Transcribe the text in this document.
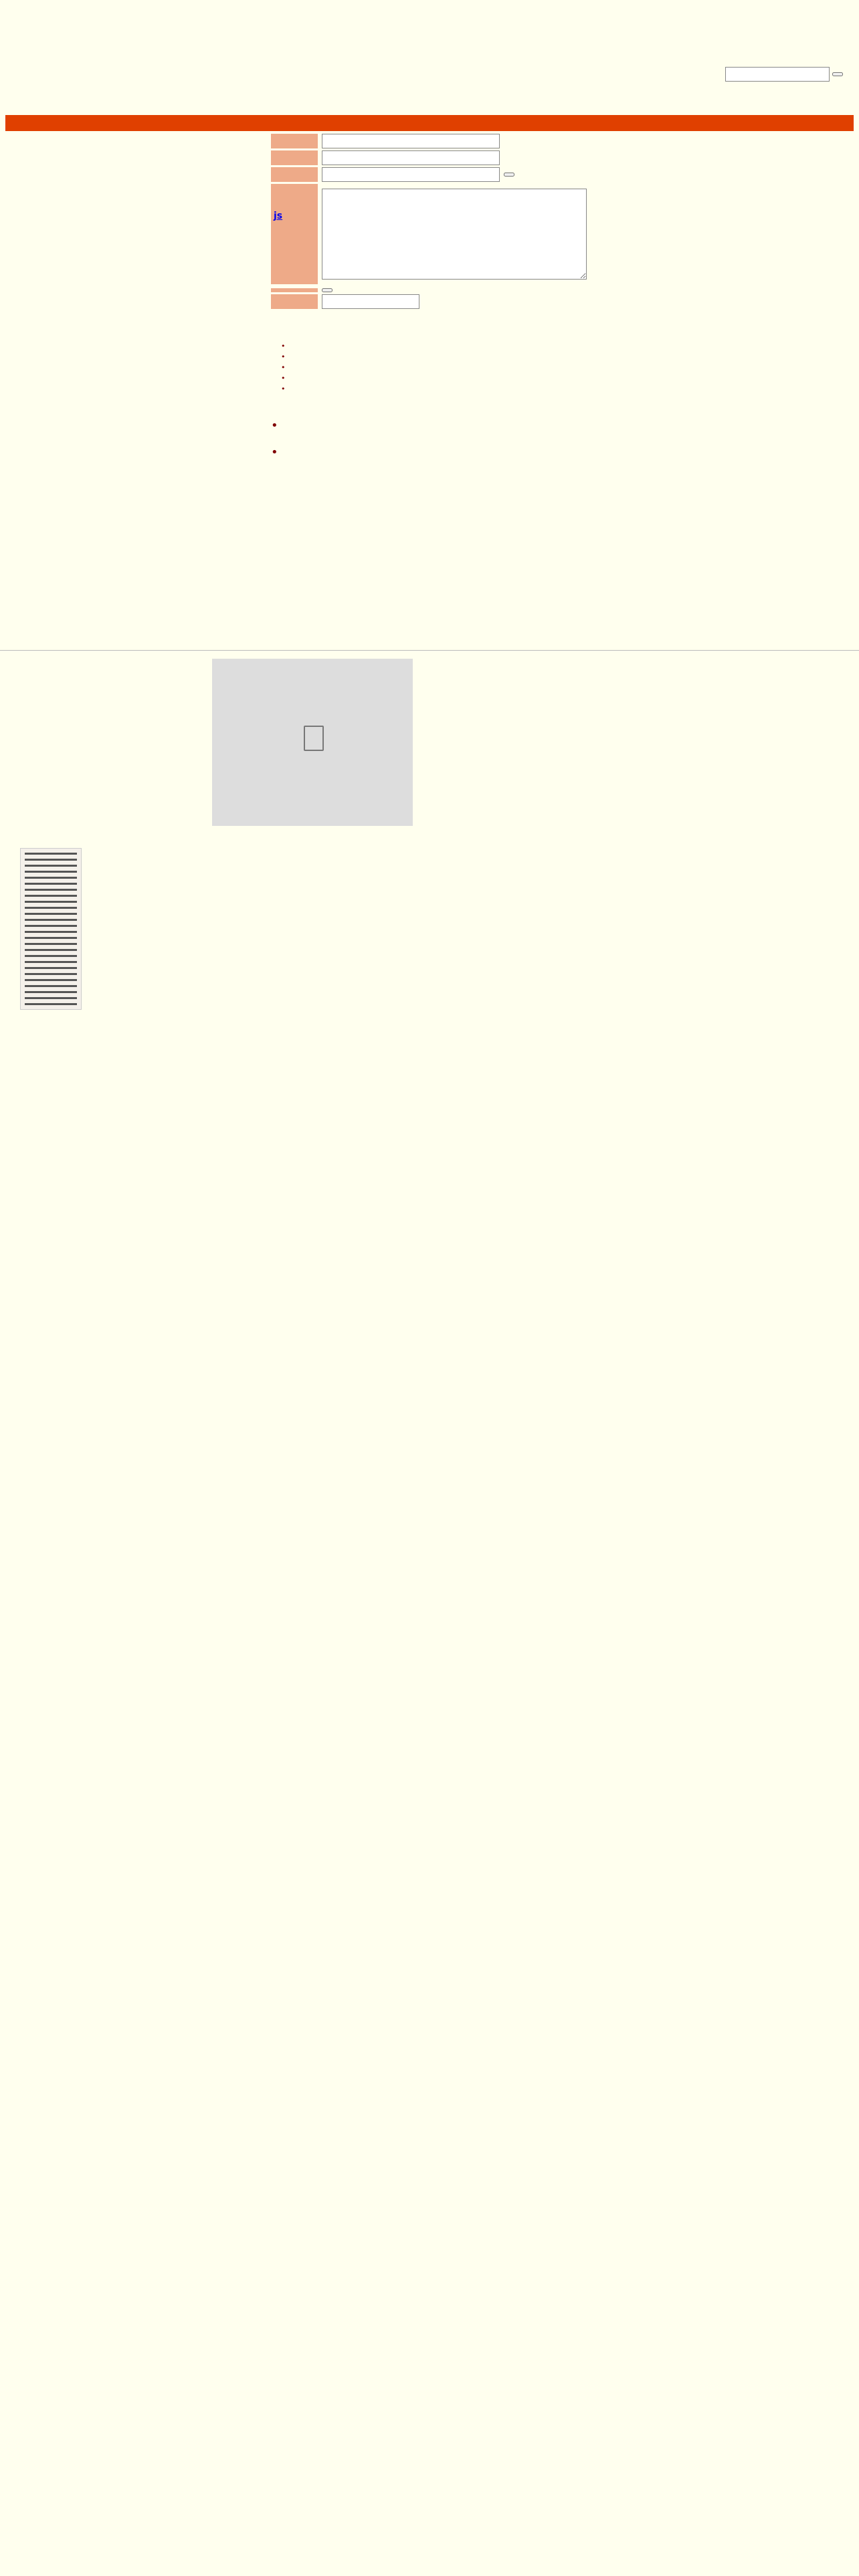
js
•
•
•
•
•
•
•
